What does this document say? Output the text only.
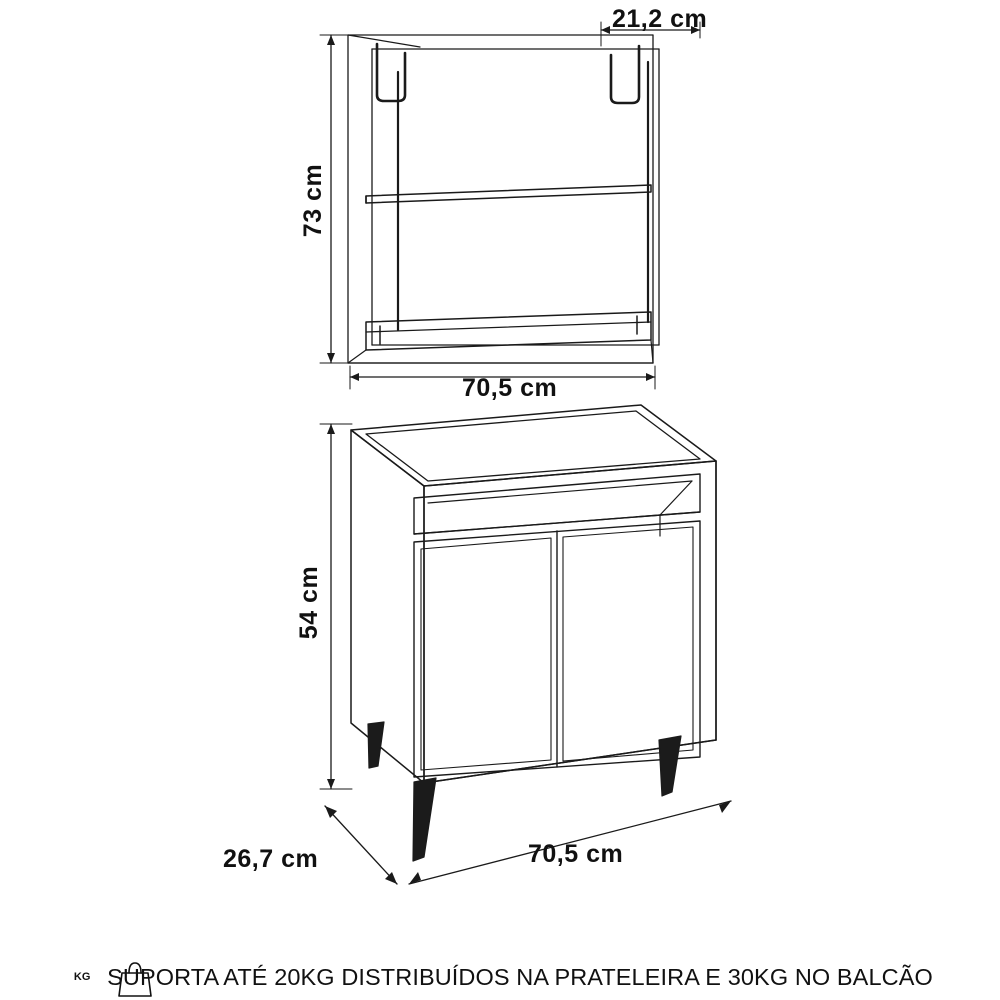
21,2 cm
73 cm
70,5 cm
54 cm
26,7 cm	70,5 cm
KG SUPORTA ATÉ 20KG DISTRIBUÍDOS NA PRATELEIRA E 30KG NO BALCÃO
